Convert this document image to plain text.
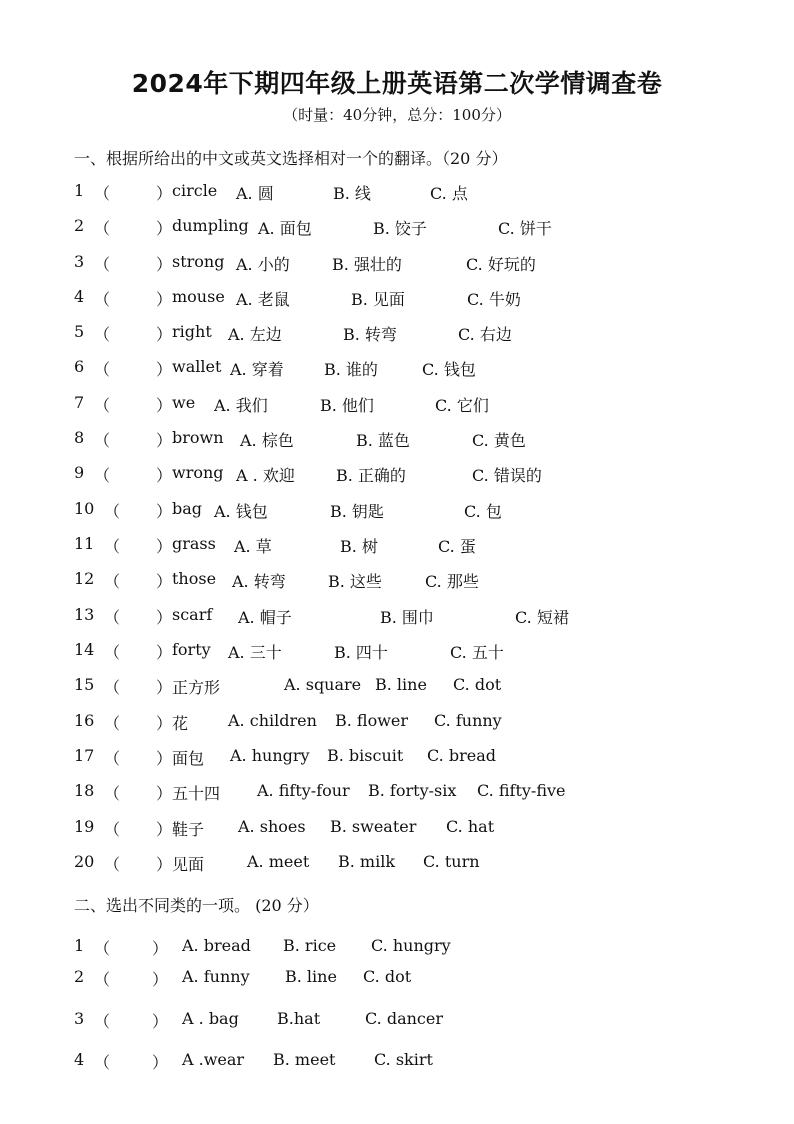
2024年下期四年级上册英语第二次学情调查卷
（时量：40分钟，总分：100分）
一、根据所给出的中文或英文选择相对一个的翻译。（20 分）
1 （	） circle A. 圆	B. 线	C. 点
2 （	） dumpling A. 面包	B. 饺子	C. 饼干
3 （	） strong A. 小的	B. 强壮的	C. 好玩的
4 （	） mouse A. 老鼠	B. 见面	C. 牛奶
5 （	） right A. 左边	B. 转弯	C. 右边
6 （	） wallet A. 穿着	B. 谁的	C. 钱包
7 （	） we A. 我们	B. 他们	C. 它们
8 （	） brown A. 棕色	B. 蓝色	C. 黄色
9 （	） wrong A . 欢迎	B. 正确的	C. 错误的
10 （ ） bag A. 钱包	B. 钥匙	C. 包
11 （ ） grass A. 草	B. 树	C. 蛋
12 （ ） those A. 转弯	B. 这些	C. 那些
13 （ ） scarf A. 帽子	B. 围巾	C. 短裙
14 （ ） forty A. 三十	B. 四十	C. 五十
15 （ ） 正方形	A. square B. line C. dot
16 （ ） 花 A. children B. flower C. funny
17 （ ） 面包 A. hungry B. biscuit C. bread
18 （ ） 五十四 A. fifty-four B. forty-six C. fifty-five
19 （ ） 鞋子 A. shoes B. sweater C. hat
20 （ ） 见面	A. meet B. milk C. turn
二、选出不同类的一项。 (20 分）
1 （	） A. bread B. rice C. hungry
2 （	） A. funny B. line C. dot
3 （	） A . bag B.hat	C. dancer
4 （	） A .wear B. meet C. skirt
